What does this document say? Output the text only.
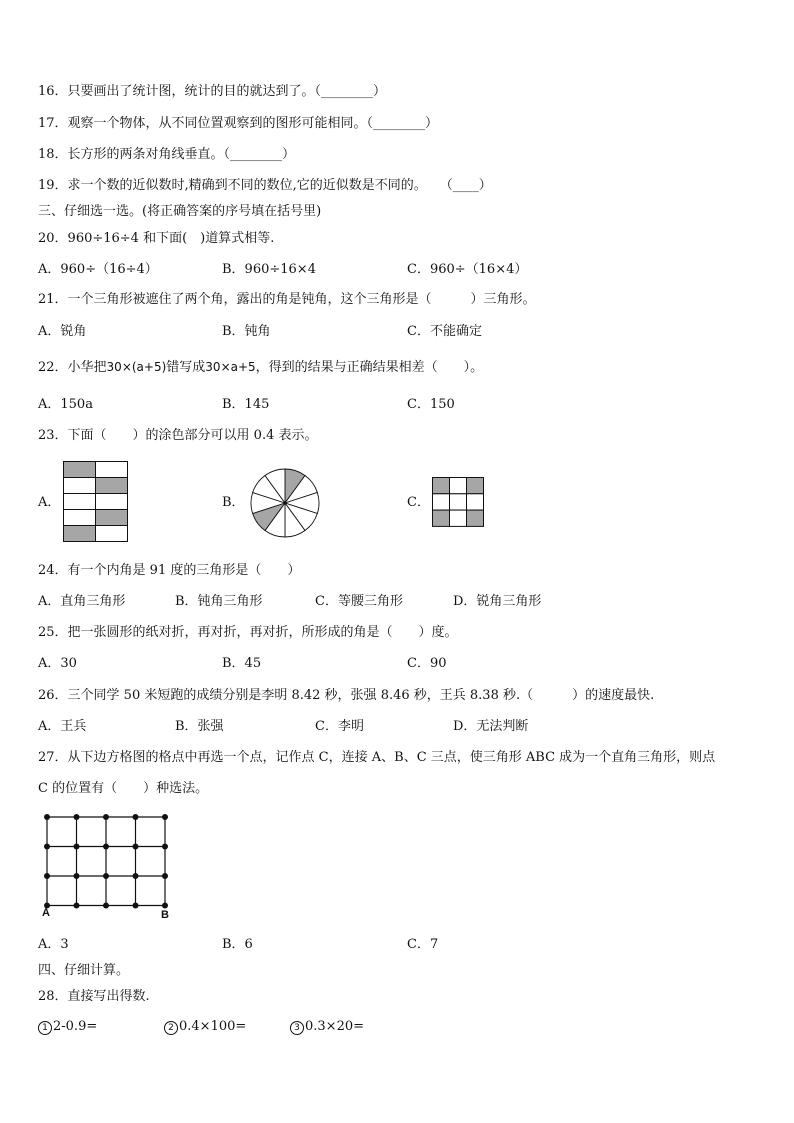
16．只要画出了统计图，统计的目的就达到了。（________）
17．观察一个物体，从不同位置观察到的图形可能相同。（________）
18．长方形的两条对角线垂直。（________）
19．求一个数的近似数时,精确到不同的数位,它的近似数是不同的。　　（____）
三、仔细选一选。(将正确答案的序号填在括号里)
20．960÷16÷4 和下面(　)道算式相等.
A．960÷（16÷4）	B．960÷16×4	C．960÷（16×4）
21．一个三角形被遮住了两个角，露出的角是钝角，这个三角形是（　　　）三角形。
A．锐角	B．钝角	C．不能确定
22．小华把30×(a+5)错写成30×a+5，得到的结果与正确结果相差（　　）。
A．150a	B．145	C．150
23．下面（　　）的涂色部分可以用 0.4 表示。
A．	B．	C．
24．有一个内角是 91 度的三角形是（　　）
A．直角三角形	B．钝角三角形	C．等腰三角形	D．锐角三角形
25．把一张圆形的纸对折，再对折，再对折，所形成的角是（　　）度。
A．30	B．45	C．90
26．三个同学 50 米短跑的成绩分别是李明 8.42 秒，张强 8.46 秒，王兵 8.38 秒.（　　　）的速度最快.
A．王兵	B．张强	C．李明	D．无法判断
27．从下边方格图的格点中再选一个点，记作点 C，连接 A、B、C 三点，使三角形 ABC 成为一个直角三角形，则点
C 的位置有（　　）种选法。
A	B
A．3	B．6	C．7
四、仔细计算。
28．直接写出得数.
1 2-0.9=	2 0.4×100=	3 0.3×20=
